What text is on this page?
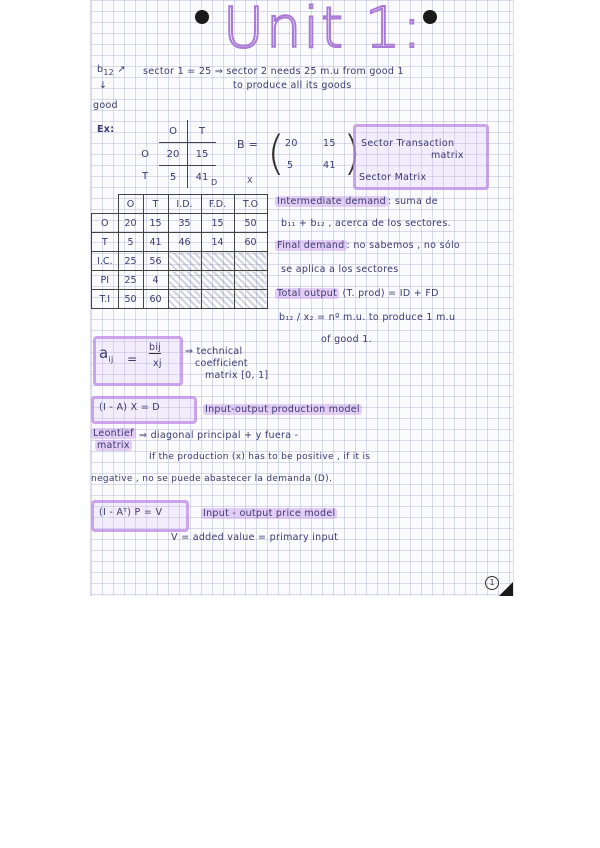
Unit 1:
$b_{12}$ ↗
↓
sector 1 = 25 ⇒ sector 2 needs 25 m.u from good 1
to produce all its goods
good
Ex:
		O	T
O	20	15
T	5	41
B = ( )
20	15
5	41
Sector Transaction
matrix
Sector Matrix
D	X
	O	T	I.D.	F.D.	T.O
O	20	15	35	15	50
T	5	41	46	14	60
I.C.	25	56			
PI	25	4			
T.I	50	60			
Intermediate demand : suma de
b₁₁ + b₁₂ , acerca de los sectores.
Final demand : no sabemos , no sólo
se aplica a los sectores
Total output (T. prod) = ID + FD
b₁₂ / x₂ = nº m.u. to produce 1 m.u
of good 1.
$a_{ij}$ =
bij
xj
⇒ technical
coefficient
matrix [0, 1]
(I - A) X = D	Input-output production model
Leontief
matrix
⇒ diagonal principal + y fuera -
If the production (x) has to be positive , if it is
negative , no se puede abastecer la demanda (D).
(I - Aᵀ) P = V	Input - output price model
V = added value = primary input
1
